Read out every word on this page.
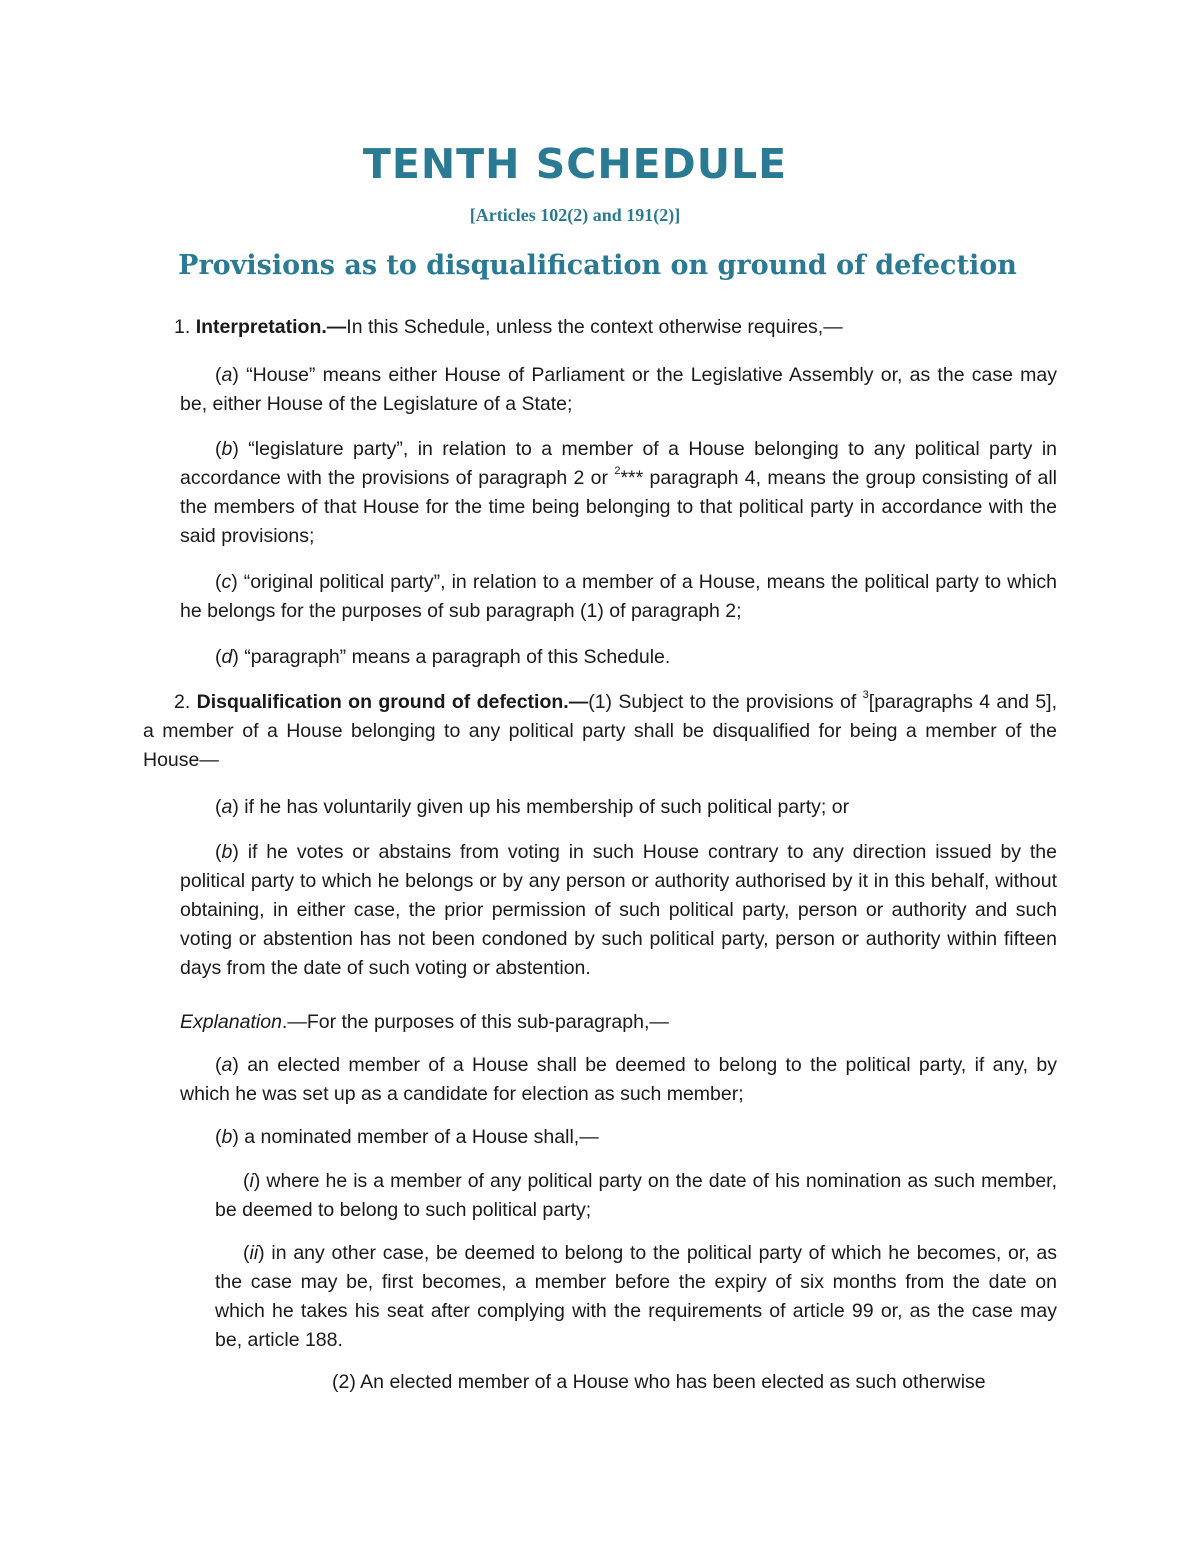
TENTH SCHEDULE
[Articles 102(2) and 191(2)]
Provisions as to disqualification on ground of defection

1. Interpretation.—In this Schedule, unless the context otherwise requires,—

(a) “House” means either House of Parliament or the Legislative Assembly or, as the case may be, either House of the Legislature of a State;

(b) “legislature party”, in relation to a member of a House belonging to any political party in accordance with the provisions of paragraph 2 or $^2$*** paragraph 4, means the group consisting of all the members of that House for the time being belonging to that political party in accordance with the said provisions;

(c) “original political party”, in relation to a member of a House, means the political party to which he belongs for the purposes of sub paragraph (1) of paragraph 2;

(d) “paragraph” means a paragraph of this Schedule.

2. Disqualification on ground of defection.—(1) Subject to the provisions of $^3$[paragraphs 4 and 5], a member of a House belonging to any political party shall be disqualified for being a member of the House—

(a) if he has voluntarily given up his membership of such political party; or

(b) if he votes or abstains from voting in such House contrary to any direction issued by the political party to which he belongs or by any person or authority authorised by it in this behalf, without obtaining, in either case, the prior permission of such political party, person or authority and such voting or abstention has not been condoned by such political party, person or authority within fifteen days from the date of such voting or abstention.

Explanation.—For the purposes of this sub-paragraph,—

(a) an elected member of a House shall be deemed to belong to the political party, if any, by which he was set up as a candidate for election as such member;

(b) a nominated member of a House shall,—

(i) where he is a member of any political party on the date of his nomination as such member, be deemed to belong to such political party;

(ii) in any other case, be deemed to belong to the political party of which he becomes, or, as the case may be, first becomes, a member before the expiry of six months from the date on which he takes his seat after complying with the requirements of article 99 or, as the case may be, article 188.

(2) An elected member of a House who has been elected as such otherwise
